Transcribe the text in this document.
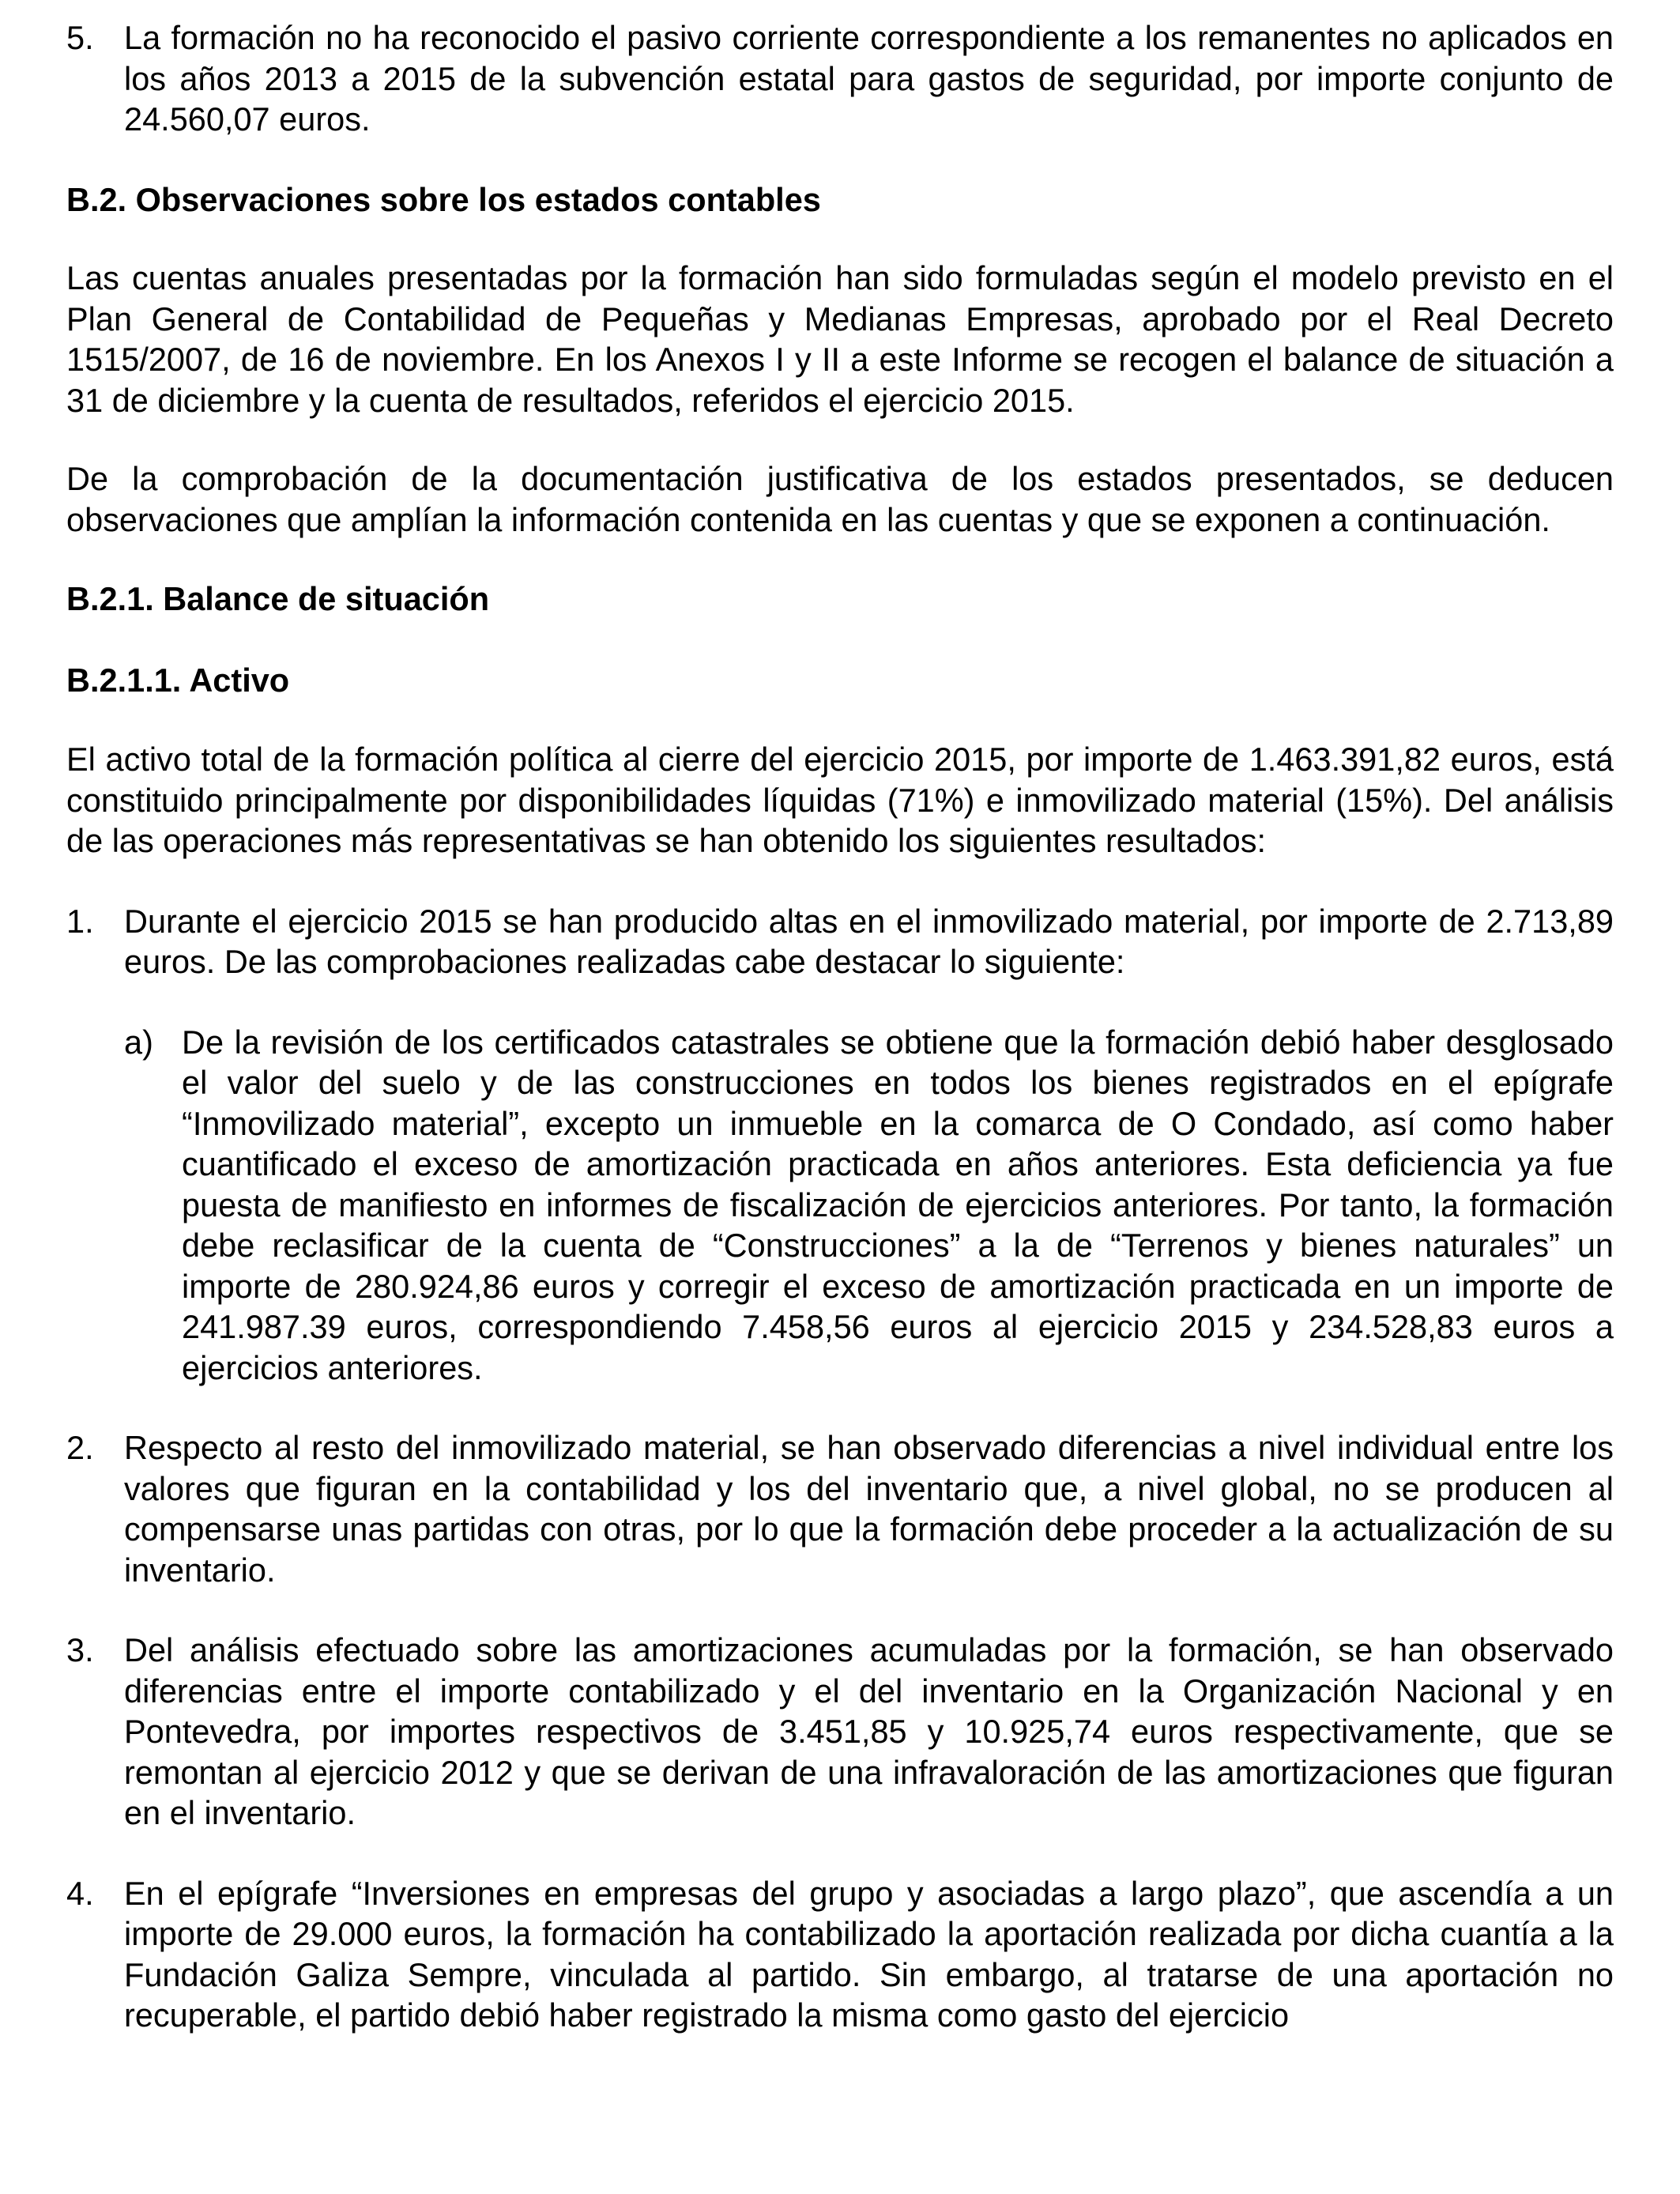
5. La formación no ha reconocido el pasivo corriente correspondiente a los remanentes no aplicados en los años 2013 a 2015 de la subvención estatal para gastos de seguridad, por importe conjunto de 24.560,07 euros.
B.2. Observaciones sobre los estados contables
Las cuentas anuales presentadas por la formación han sido formuladas según el modelo previsto en el Plan General de Contabilidad de Pequeñas y Medianas Empresas, aprobado por el Real Decreto 1515/2007, de 16 de noviembre. En los Anexos I y II a este Informe se recogen el balance de situación a 31 de diciembre y la cuenta de resultados, referidos el ejercicio 2015.
De la comprobación de la documentación justificativa de los estados presentados, se deducen observaciones que amplían la información contenida en las cuentas y que se exponen a continuación.
B.2.1. Balance de situación
B.2.1.1. Activo
El activo total de la formación política al cierre del ejercicio 2015, por importe de 1.463.391,82 euros, está constituido principalmente por disponibilidades líquidas (71%) e inmovilizado material (15%). Del análisis de las operaciones más representativas se han obtenido los siguientes resultados:
1. Durante el ejercicio 2015 se han producido altas en el inmovilizado material, por importe de 2.713,89 euros. De las comprobaciones realizadas cabe destacar lo siguiente:
a) De la revisión de los certificados catastrales se obtiene que la formación debió haber desglosado el valor del suelo y de las construcciones en todos los bienes registrados en el epígrafe “Inmovilizado material”, excepto un inmueble en la comarca de O Condado, así como haber cuantificado el exceso de amortización practicada en años anteriores. Esta deficiencia ya fue puesta de manifiesto en informes de fiscalización de ejercicios anteriores. Por tanto, la formación debe reclasificar de la cuenta de “Construcciones” a la de “Terrenos y bienes naturales” un importe de 280.924,86 euros y corregir el exceso de amortización practicada en un importe de 241.987.39 euros, correspondiendo 7.458,56 euros al ejercicio 2015 y 234.528,83 euros a ejercicios anteriores.
2. Respecto al resto del inmovilizado material, se han observado diferencias a nivel individual entre los valores que figuran en la contabilidad y los del inventario que, a nivel global, no se producen al compensarse unas partidas con otras, por lo que la formación debe proceder a la actualización de su inventario.
3. Del análisis efectuado sobre las amortizaciones acumuladas por la formación, se han observado diferencias entre el importe contabilizado y el del inventario en la Organización Nacional y en Pontevedra, por importes respectivos de 3.451,85 y 10.925,74 euros respectivamente, que se remontan al ejercicio 2012 y que se derivan de una infravaloración de las amortizaciones que figuran en el inventario.
4. En el epígrafe “Inversiones en empresas del grupo y asociadas a largo plazo”, que ascendía a un importe de 29.000 euros, la formación ha contabilizado la aportación realizada por dicha cuantía a la Fundación Galiza Sempre, vinculada al partido. Sin embargo, al tratarse de una aportación no recuperable, el partido debió haber registrado la misma como gasto del ejercicio
